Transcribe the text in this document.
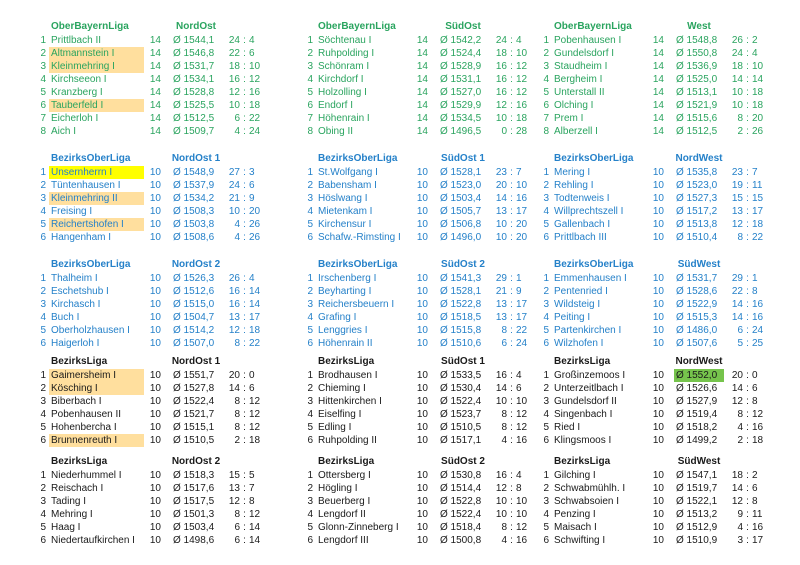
OberBayernLiga	NordOst
1 Prittlbach II	14 Ø 1544,1	24 : 4
2 Altmannstein I	14 Ø 1546,8	22 : 6
3 Kleinmehring I	14 Ø 1531,7	18 : 10
4 Kirchseeon I	14 Ø 1534,1	16 : 12
5 Kranzberg I	14 Ø 1528,8	12 : 16
6 Tauberfeld I	14 Ø 1525,5	10 : 18
7 Eicherloh I	14 Ø 1512,5	6 : 22
8 Aich I	14 Ø 1509,7	4 : 24
BezirksOberLiga	NordOst 1
1 Unsernherrn I	10 Ø 1548,9	27 : 3
2 Tüntenhausen I	10 Ø 1537,9	24 : 6
3 Kleinmehring II	10 Ø 1534,2	21 : 9
4 Freising I	10 Ø 1508,3	10 : 20
5 Reichertshofen I	10 Ø 1503,8	4 : 26
6 Hangenham I	10 Ø 1508,6	4 : 26
BezirksOberLiga	NordOst 2
1 Thalheim I	10 Ø 1526,3	26 : 4
2 Eschetshub I	10 Ø 1512,6	16 : 14
3 Kirchasch I	10 Ø 1515,0	16 : 14
4 Buch I	10 Ø 1504,7	13 : 17
5 Oberholzhausen I	10 Ø 1514,2	12 : 18
6 Haigerloh I	10 Ø 1507,0	8 : 22
BezirksLiga	NordOst 1
1 Gaimersheim I	10 Ø 1551,7	20 : 0
2 Kösching I	10 Ø 1527,8	14 : 6
3 Biberbach I	10 Ø 1522,4	8 : 12
4 Pobenhausen II	10 Ø 1521,7	8 : 12
5 Hohenbercha I	10 Ø 1515,1	8 : 12
6 Brunnenreuth I	10 Ø 1510,5	2 : 18
BezirksLiga	NordOst 2
1 Niederhummel I	10 Ø 1518,3	15 : 5
2 Reischach I	10 Ø 1517,6	13 : 7
3 Tading I	10 Ø 1517,5	12 : 8
4 Mehring I	10 Ø 1501,3	8 : 12
5 Haag I	10 Ø 1503,4	6 : 14
6 Niedertaufkirchen I	10 Ø 1498,6	6 : 14
OberBayernLiga	SüdOst
1 Söchtenau I	14 Ø 1542,2	24 : 4
2 Ruhpolding I	14 Ø 1524,4	18 : 10
3 Schönram I	14 Ø 1528,9	16 : 12
4 Kirchdorf I	14 Ø 1531,1	16 : 12
5 Holzolling I	14 Ø 1527,0	16 : 12
6 Endorf I	14 Ø 1529,9	12 : 16
7 Höhenrain I	14 Ø 1534,5	10 : 18
8 Obing II	14 Ø 1496,5	0 : 28
BezirksOberLiga	SüdOst 1
1 St.Wolfgang I	10 Ø 1528,1	23 : 7
2 Babensham I	10 Ø 1523,0	20 : 10
3 Höslwang I	10 Ø 1503,4	14 : 16
4 Mietenkam I	10 Ø 1505,7	13 : 17
5 Kirchensur I	10 Ø 1506,8	10 : 20
6 Schafw.-Rimsting I	10 Ø 1496,0	10 : 20
BezirksOberLiga	SüdOst 2
1 Irschenberg I	10 Ø 1541,3	29 : 1
2 Beyharting I	10 Ø 1528,1	21 : 9
3 Reichersbeuern I	10 Ø 1522,8	13 : 17
4 Grafing I	10 Ø 1518,5	13 : 17
5 Lenggries I	10 Ø 1515,8	8 : 22
6 Höhenrain II	10 Ø 1510,6	6 : 24
BezirksLiga	SüdOst 1
1 Brodhausen I	10 Ø 1533,5	16 : 4
2 Chieming I	10 Ø 1530,4	14 : 6
3 Hittenkirchen I	10 Ø 1522,4	10 : 10
4 Eiselfing I	10 Ø 1523,7	8 : 12
5 Edling I	10 Ø 1510,5	8 : 12
6 Ruhpolding II	10 Ø 1517,1	4 : 16
BezirksLiga	SüdOst 2
1 Ottersberg I	10 Ø 1530,8	16 : 4
2 Högling I	10 Ø 1514,4	12 : 8
3 Beuerberg I	10 Ø 1522,8	10 : 10
4 Lengdorf II	10 Ø 1522,4	10 : 10
5 Glonn-Zinneberg I	10 Ø 1518,4	8 : 12
6 Lengdorf III	10 Ø 1500,8	4 : 16
OberBayernLiga	West
1 Pobenhausen I	14 Ø 1548,8	26 : 2
2 Gundelsdorf I	14 Ø 1550,8	24 : 4
3 Staudheim I	14 Ø 1536,9	18 : 10
4 Bergheim I	14 Ø 1525,0	14 : 14
5 Unterstall II	14 Ø 1513,1	10 : 18
6 Olching I	14 Ø 1521,9	10 : 18
7 Prem I	14 Ø 1515,6	8 : 20
8 Alberzell I	14 Ø 1512,5	2 : 26
BezirksOberLiga	NordWest
1 Mering I	10 Ø 1535,8	23 : 7
2 Rehling I	10 Ø 1523,0	19 : 11
3 Todtenweis I	10 Ø 1527,3	15 : 15
4 Willprechtszell I	10 Ø 1517,2	13 : 17
5 Gallenbach I	10 Ø 1513,8	12 : 18
6 Prittlbach III	10 Ø 1510,4	8 : 22
BezirksOberLiga	SüdWest
1 Emmenhausen I	10 Ø 1531,7	29 : 1
2 Pentenried I	10 Ø 1528,6	22 : 8
3 Wildsteig I	10 Ø 1522,9	14 : 16
4 Peiting I	10 Ø 1515,3	14 : 16
5 Partenkirchen I	10 Ø 1486,0	6 : 24
6 Wilzhofen I	10 Ø 1507,6	5 : 25
BezirksLiga	NordWest
1 Großinzemoos I	10 Ø 1552,0	20 : 0
2 Unterzeitlbach I	10 Ø 1526,6	14 : 6
3 Gundelsdorf II	10 Ø 1527,9	12 : 8
4 Singenbach I	10 Ø 1519,4	8 : 12
5 Ried I	10 Ø 1518,2	4 : 16
6 Klingsmoos I	10 Ø 1499,2	2 : 18
BezirksLiga	SüdWest
1 Gilching I	10 Ø 1547,1	18 : 2
2 Schwabmühlh. I	10 Ø 1519,7	14 : 6
3 Schwabsoien I	10 Ø 1522,1	12 : 8
4 Penzing I	10 Ø 1513,2	9 : 11
5 Maisach I	10 Ø 1512,9	4 : 16
6 Schwifting I	10 Ø 1510,9	3 : 17
